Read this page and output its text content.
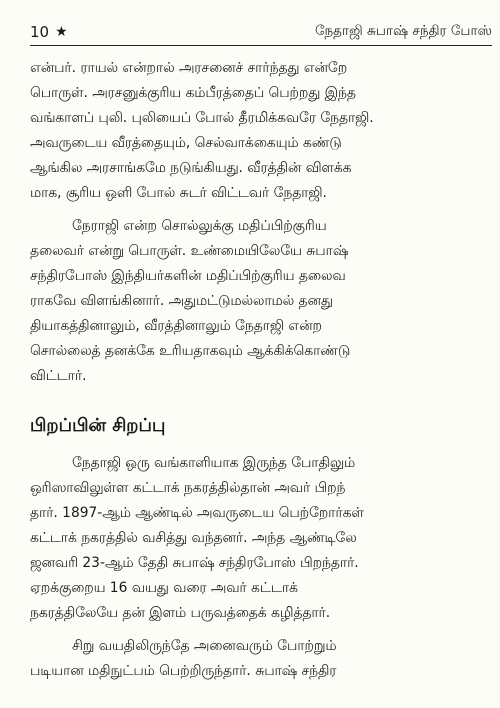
10 ★	நேதாஜி சுபாஷ் சந்திர போஸ்

என்பர். ராயல் என்றால் அரசனைச் சார்ந்தது என்றே
பொருள். அரசனுக்குரிய கம்பீரத்தைப் பெற்றது இந்த
வங்காளப் புலி. புலியைப் போல் தீரமிக்கவரே நேதாஜி.
அவருடைய வீரத்தையும், செல்வாக்கையும் கண்டு
ஆங்கில அரசாங்கமே நடுங்கியது. வீரத்தின் விளக்க
மாக, சூரிய ஒளி போல் சுடர் விட்டவர் நேதாஜி.

நேராஜி என்ற சொல்லுக்கு மதிப்பிற்குரிய
தலைவர் என்று பொருள். உண்மையிலேயே சுபாஷ்
சந்திரபோஸ் இந்தியர்களின் மதிப்பிற்குரிய தலைவ
ராகவே விளங்கினார். அதுமட்டுமல்லாமல் தனது
தியாகத்தினாலும், வீரத்தினாலும் நேதாஜி என்ற
சொல்லைத் தனக்கே உரியதாகவும் ஆக்கிக்கொண்டு
விட்டார்.

பிறப்பின் சிறப்பு

நேதாஜி ஒரு வங்காளியாக இருந்த போதிலும்
ஒரிஸாவிலுள்ள கட்டாக் நகரத்தில்தான் அவர் பிறந்
தார். 1897-ஆம் ஆண்டில் அவருடைய பெற்றோர்கள்
கட்டாக் நகரத்தில் வசித்து வந்தனர். அந்த ஆண்டிலே
ஜனவரி 23-ஆம் தேதி சுபாஷ் சந்திரபோஸ் பிறந்தார்.
ஏறக்குறைய 16 வயது வரை அவர் கட்டாக்
நகரத்திலேயே தன் இளம் பருவத்தைக் கழித்தார்.

சிறு வயதிலிருந்தே அனைவரும் போற்றும்
படியான மதிநுட்பம் பெற்றிருந்தார். சுபாஷ் சந்திர
